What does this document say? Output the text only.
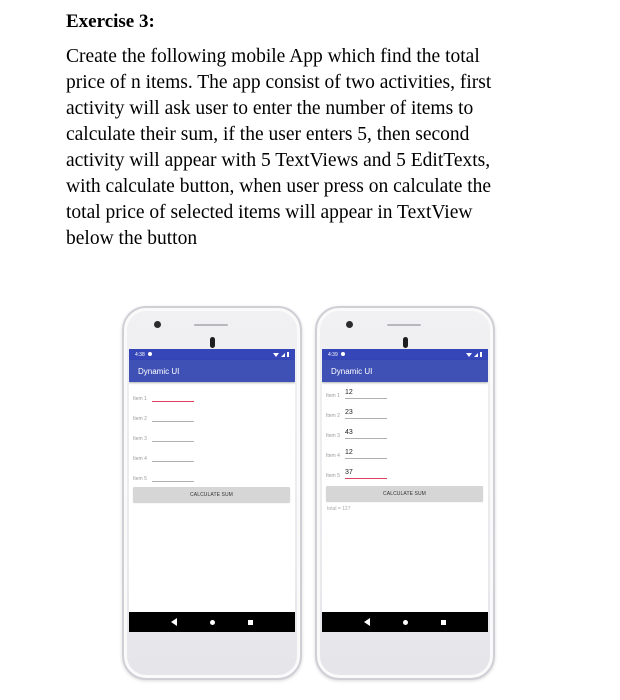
Exercise 3:

Create the following mobile App which find the total
price of n items. The app consist of two activities, first
activity will ask user to enter the number of items to
calculate their sum, if the user enters 5, then second
activity will appear with 5 TextViews and 5 EditTexts,
with calculate button, when user press on calculate the
total price of selected items will appear in TextView
below the button

4:38
Dynamic UI
Item 1
Item 2
Item 3
Item 4
Item 5
CALCULATE SUM
4:39
Dynamic UI
Item 1 12
Item 2 23
Item 3 43
Item 4 12
Item 5 37
CALCULATE SUM
total = 127
